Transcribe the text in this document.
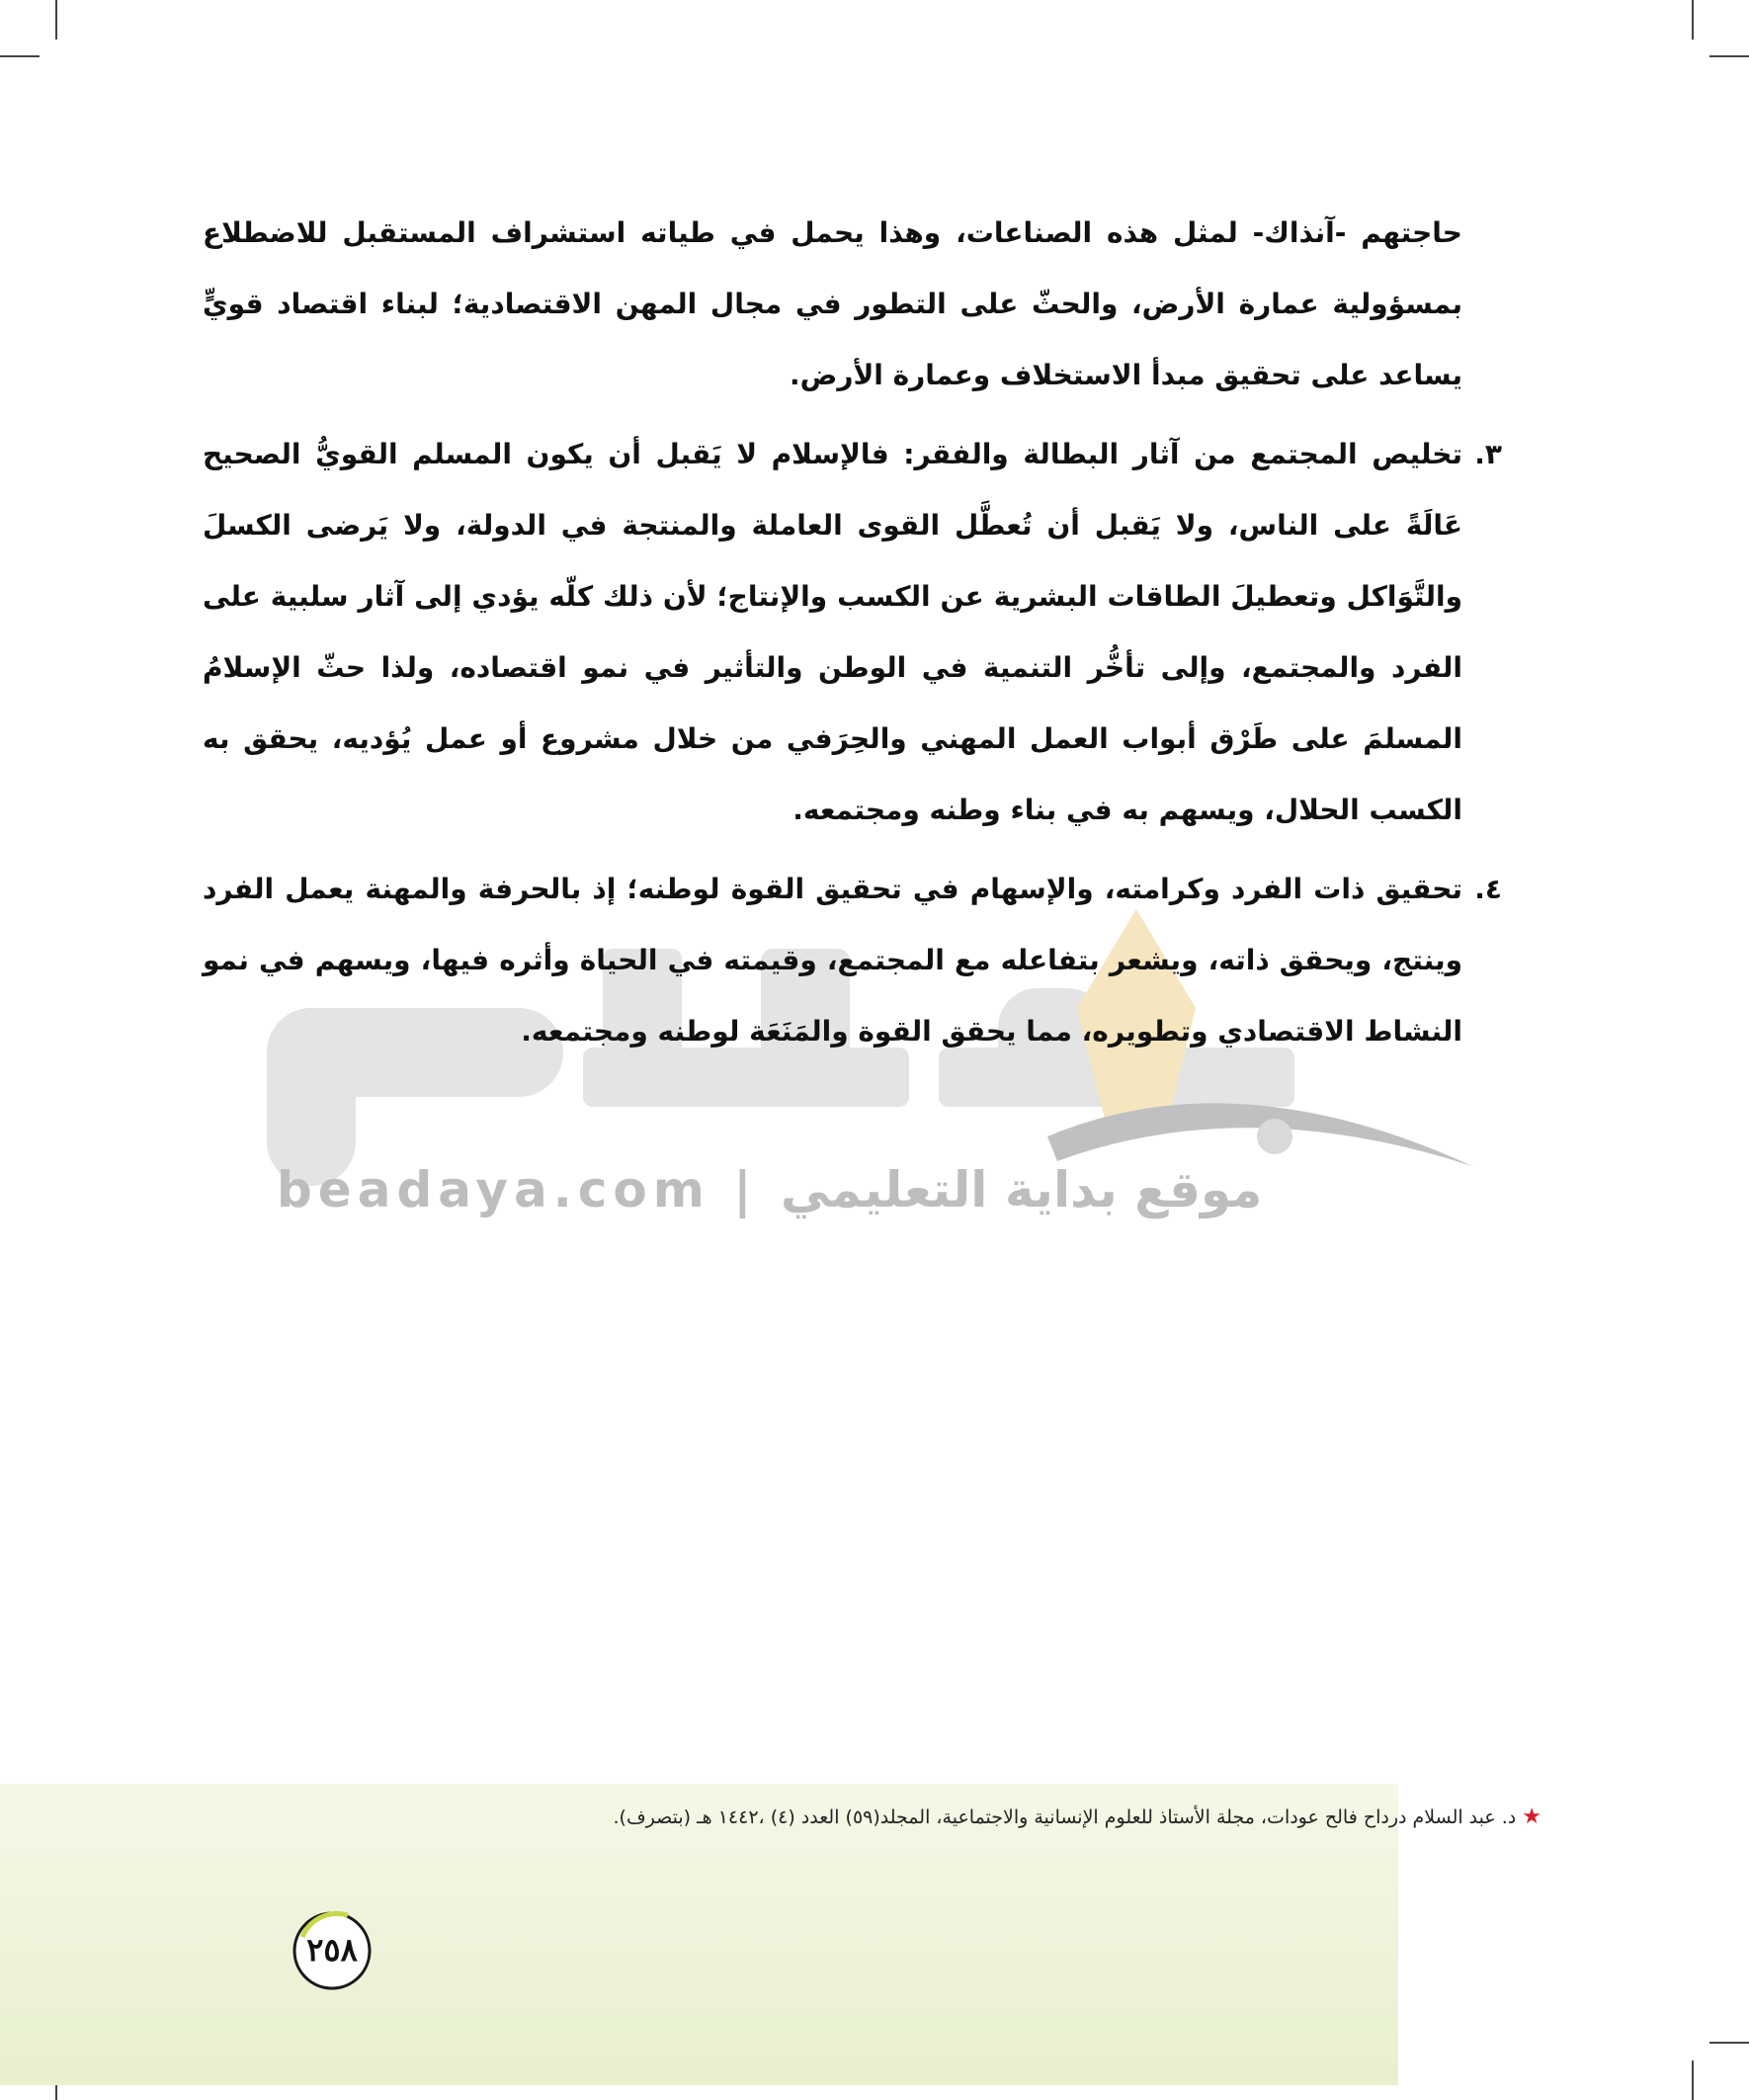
beadaya.com | موقع بداية التعليمي

حاجتهم -آنذاك- لمثل هذه الصناعات، وهذا يحمل في طياته استشراف المستقبل للاضطلاع بمسؤولية عمارة الأرض، والحثّ على التطور في مجال المهن الاقتصادية؛ لبناء اقتصاد قويٍّ يساعد على تحقيق مبدأ الاستخلاف وعمارة الأرض.

٣.

تخليص المجتمع من آثار البطالة والفقر: فالإسلام لا يَقبل أن يكون المسلم القويُّ الصحيح عَالَةً على الناس، ولا يَقبل أن تُعطَّل القوى العاملة والمنتجة في الدولة، ولا يَرضى الكسلَ والتَّوَاكل وتعطيلَ الطاقات البشرية عن الكسب والإنتاج؛ لأن ذلك كلّه يؤدي إلى آثار سلبية على الفرد والمجتمع، وإلى تأخُّر التنمية في الوطن والتأثير في نمو اقتصاده، ولذا حثّ الإسلامُ المسلمَ على طَرْق أبواب العمل المهني والحِرَفي من خلال مشروع أو عمل يُؤديه، يحقق به الكسب الحلال، ويسهم به في بناء وطنه ومجتمعه.

٤.

تحقيق ذات الفرد وكرامته، والإسهام في تحقيق القوة لوطنه؛ إذ بالحرفة والمهنة يعمل الفرد وينتج، ويحقق ذاته، ويشعر بتفاعله مع المجتمع، وقيمته في الحياة وأثره فيها، ويسهم في نمو النشاط الاقتصادي وتطويره، مما يحقق القوة والمَنَعَة لوطنه ومجتمعه.

★د. عبد السلام درداح فالح عودات، مجلة الأستاذ للعلوم الإنسانية والاجتماعية، المجلد(٥٩) العدد (٤) ،١٤٤٢ هـ (بتصرف).
٢٥٨
